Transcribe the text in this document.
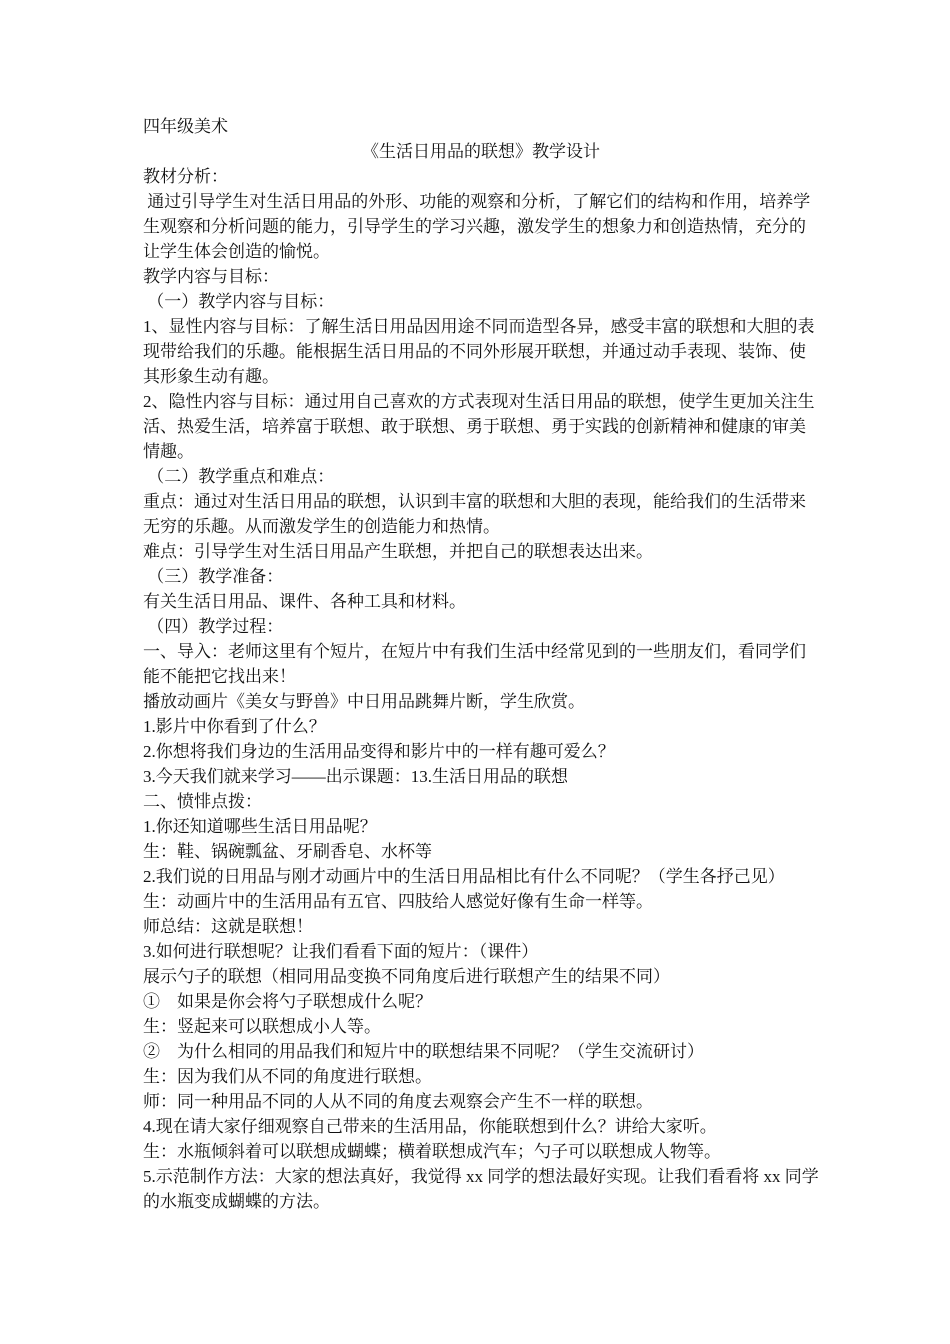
四年级美术
《生活日用品的联想》教学设计
教材分析：
通过引导学生对生活日用品的外形、功能的观察和分析，了解它们的结构和作用，培养学
生观察和分析问题的能力，引导学生的学习兴趣，激发学生的想象力和创造热情，充分的
让学生体会创造的愉悦。
教学内容与目标：
（一）教学内容与目标：
1、显性内容与目标：了解生活日用品因用途不同而造型各异，感受丰富的联想和大胆的表
现带给我们的乐趣。能根据生活日用品的不同外形展开联想，并通过动手表现、装饰、使
其形象生动有趣。
2、隐性内容与目标：通过用自己喜欢的方式表现对生活日用品的联想，使学生更加关注生
活、热爱生活，培养富于联想、敢于联想、勇于联想、勇于实践的创新精神和健康的审美
情趣。
（二）教学重点和难点：
重点：通过对生活日用品的联想，认识到丰富的联想和大胆的表现，能给我们的生活带来
无穷的乐趣。从而激发学生的创造能力和热情。
难点：引导学生对生活日用品产生联想，并把自己的联想表达出来。
（三）教学准备：
有关生活日用品、课件、各种工具和材料。
（四）教学过程：
一、导入：老师这里有个短片，在短片中有我们生活中经常见到的一些朋友们，看同学们
能不能把它找出来！
播放动画片《美女与野兽》中日用品跳舞片断，学生欣赏。
1.影片中你看到了什么？
2.你想将我们身边的生活用品变得和影片中的一样有趣可爱么？
3.今天我们就来学习——出示课题：13.生活日用品的联想
二、愤悱点拨：
1.你还知道哪些生活日用品呢？
生：鞋、锅碗瓢盆、牙刷香皂、水杯等
2.我们说的日用品与刚才动画片中的生活日用品相比有什么不同呢？（学生各抒己见）
生：动画片中的生活用品有五官、四肢给人感觉好像有生命一样等。
师总结：这就是联想！
3.如何进行联想呢？让我们看看下面的短片：（课件）
展示勺子的联想（相同用品变换不同角度后进行联想产生的结果不同）
①　如果是你会将勺子联想成什么呢？
生：竖起来可以联想成小人等。
②　为什么相同的用品我们和短片中的联想结果不同呢？（学生交流研讨）
生：因为我们从不同的角度进行联想。
师：同一种用品不同的人从不同的角度去观察会产生不一样的联想。
4.现在请大家仔细观察自己带来的生活用品，你能联想到什么？讲给大家听。
生：水瓶倾斜着可以联想成蝴蝶；横着联想成汽车；勺子可以联想成人物等。
5.示范制作方法：大家的想法真好，我觉得 xx 同学的想法最好实现。让我们看看将 xx 同学
的水瓶变成蝴蝶的方法。
